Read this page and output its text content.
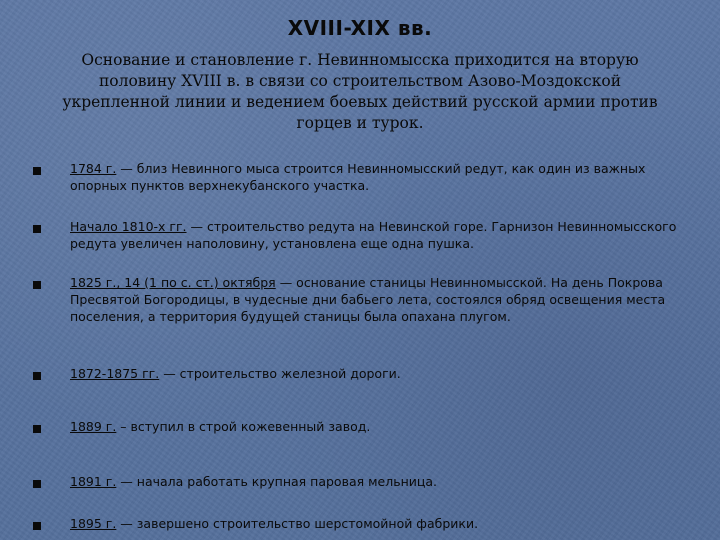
XVIII-XIX вв.
Основание и становление г. Невинномысска приходится на вторую половину XVIII в. в связи со строительством Азово-Моздокской укрепленной линии и ведением боевых действий русской армии против горцев и турок.
1784 г. — близ Невинного мыса строится Невинномысский редут, как один из важных опорных пунктов верхнекубанского участка.
Начало 1810-х гг. — строительство редута на Невинской горе. Гарнизон Невинномысского редута увеличен наполовину, установлена еще одна пушка.
1825 г., 14 (1 по с. ст.) октября — основание станицы Невинномысской. На день Покрова Пресвятой Богородицы, в чудесные дни бабьего лета, состоялся обряд освещения места поселения, а территория будущей станицы была опахана плугом.
1872-1875 гг. — строительство железной дороги.
1889 г. – вступил в строй кожевенный завод.
1891 г. — начала работать крупная паровая мельница.
1895 г. — завершено строительство шерстомойной фабрики.
